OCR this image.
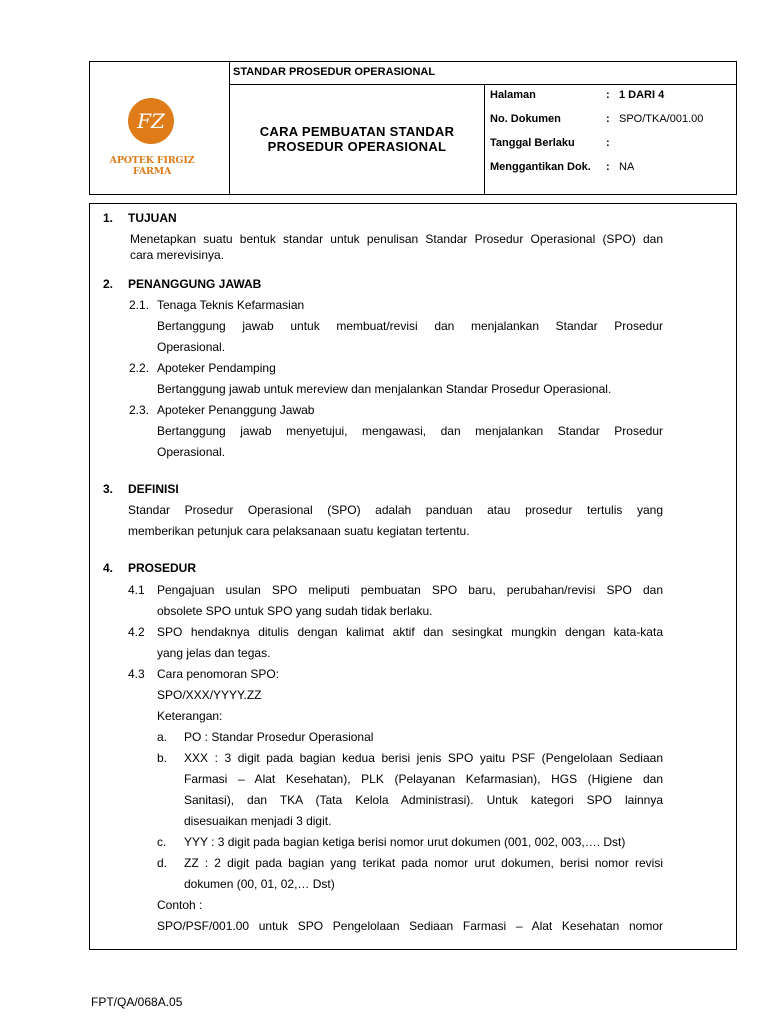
FZ
APOTEK FIRGIZ FARMA
STANDAR PROSEDUR OPERASIONAL
CARA PEMBUATAN STANDAR
PROSEDUR OPERASIONAL
Halaman	: 1 DARI 4
No. Dokumen	: SPO/TKA/001.00
Tanggal Berlaku	:
Menggantikan Dok. : NA
1. TUJUAN
Menetapkan suatu bentuk standar untuk penulisan Standar Prosedur Operasional (SPO) dan
cara merevisinya.
2. PENANGGUNG JAWAB
2.1. Tenaga Teknis Kefarmasian
Bertanggung jawab untuk membuat/revisi dan menjalankan Standar Prosedur
Operasional.
2.2. Apoteker Pendamping
Bertanggung jawab untuk mereview dan menjalankan Standar Prosedur Operasional.
2.3. Apoteker Penanggung Jawab
Bertanggung jawab menyetujui, mengawasi, dan menjalankan Standar Prosedur
Operasional.
3. DEFINISI
Standar Prosedur Operasional (SPO) adalah panduan atau prosedur tertulis yang
memberikan petunjuk cara pelaksanaan suatu kegiatan tertentu.
4. PROSEDUR
4.1 Pengajuan usulan SPO meliputi pembuatan SPO baru, perubahan/revisi SPO dan
obsolete SPO untuk SPO yang sudah tidak berlaku.
4.2 SPO hendaknya ditulis dengan kalimat aktif dan sesingkat mungkin dengan kata-kata
yang jelas dan tegas.
4.3 Cara penomoran SPO:
SPO/XXX/YYYY.ZZ
Keterangan:
a. PO : Standar Prosedur Operasional
b. XXX : 3 digit pada bagian kedua berisi jenis SPO yaitu PSF (Pengelolaan Sediaan
Farmasi – Alat Kesehatan), PLK (Pelayanan Kefarmasian), HGS (Higiene dan
Sanitasi), dan TKA (Tata Kelola Administrasi). Untuk kategori SPO lainnya
disesuaikan menjadi 3 digit.
c. YYY : 3 digit pada bagian ketiga berisi nomor urut dokumen (001, 002, 003,…. Dst)
d. ZZ : 2 digit pada bagian yang terikat pada nomor urut dokumen, berisi nomor revisi
dokumen (00, 01, 02,… Dst)
Contoh :
SPO/PSF/001.00 untuk SPO Pengelolaan Sediaan Farmasi – Alat Kesehatan nomor
FPT/QA/068A.05
